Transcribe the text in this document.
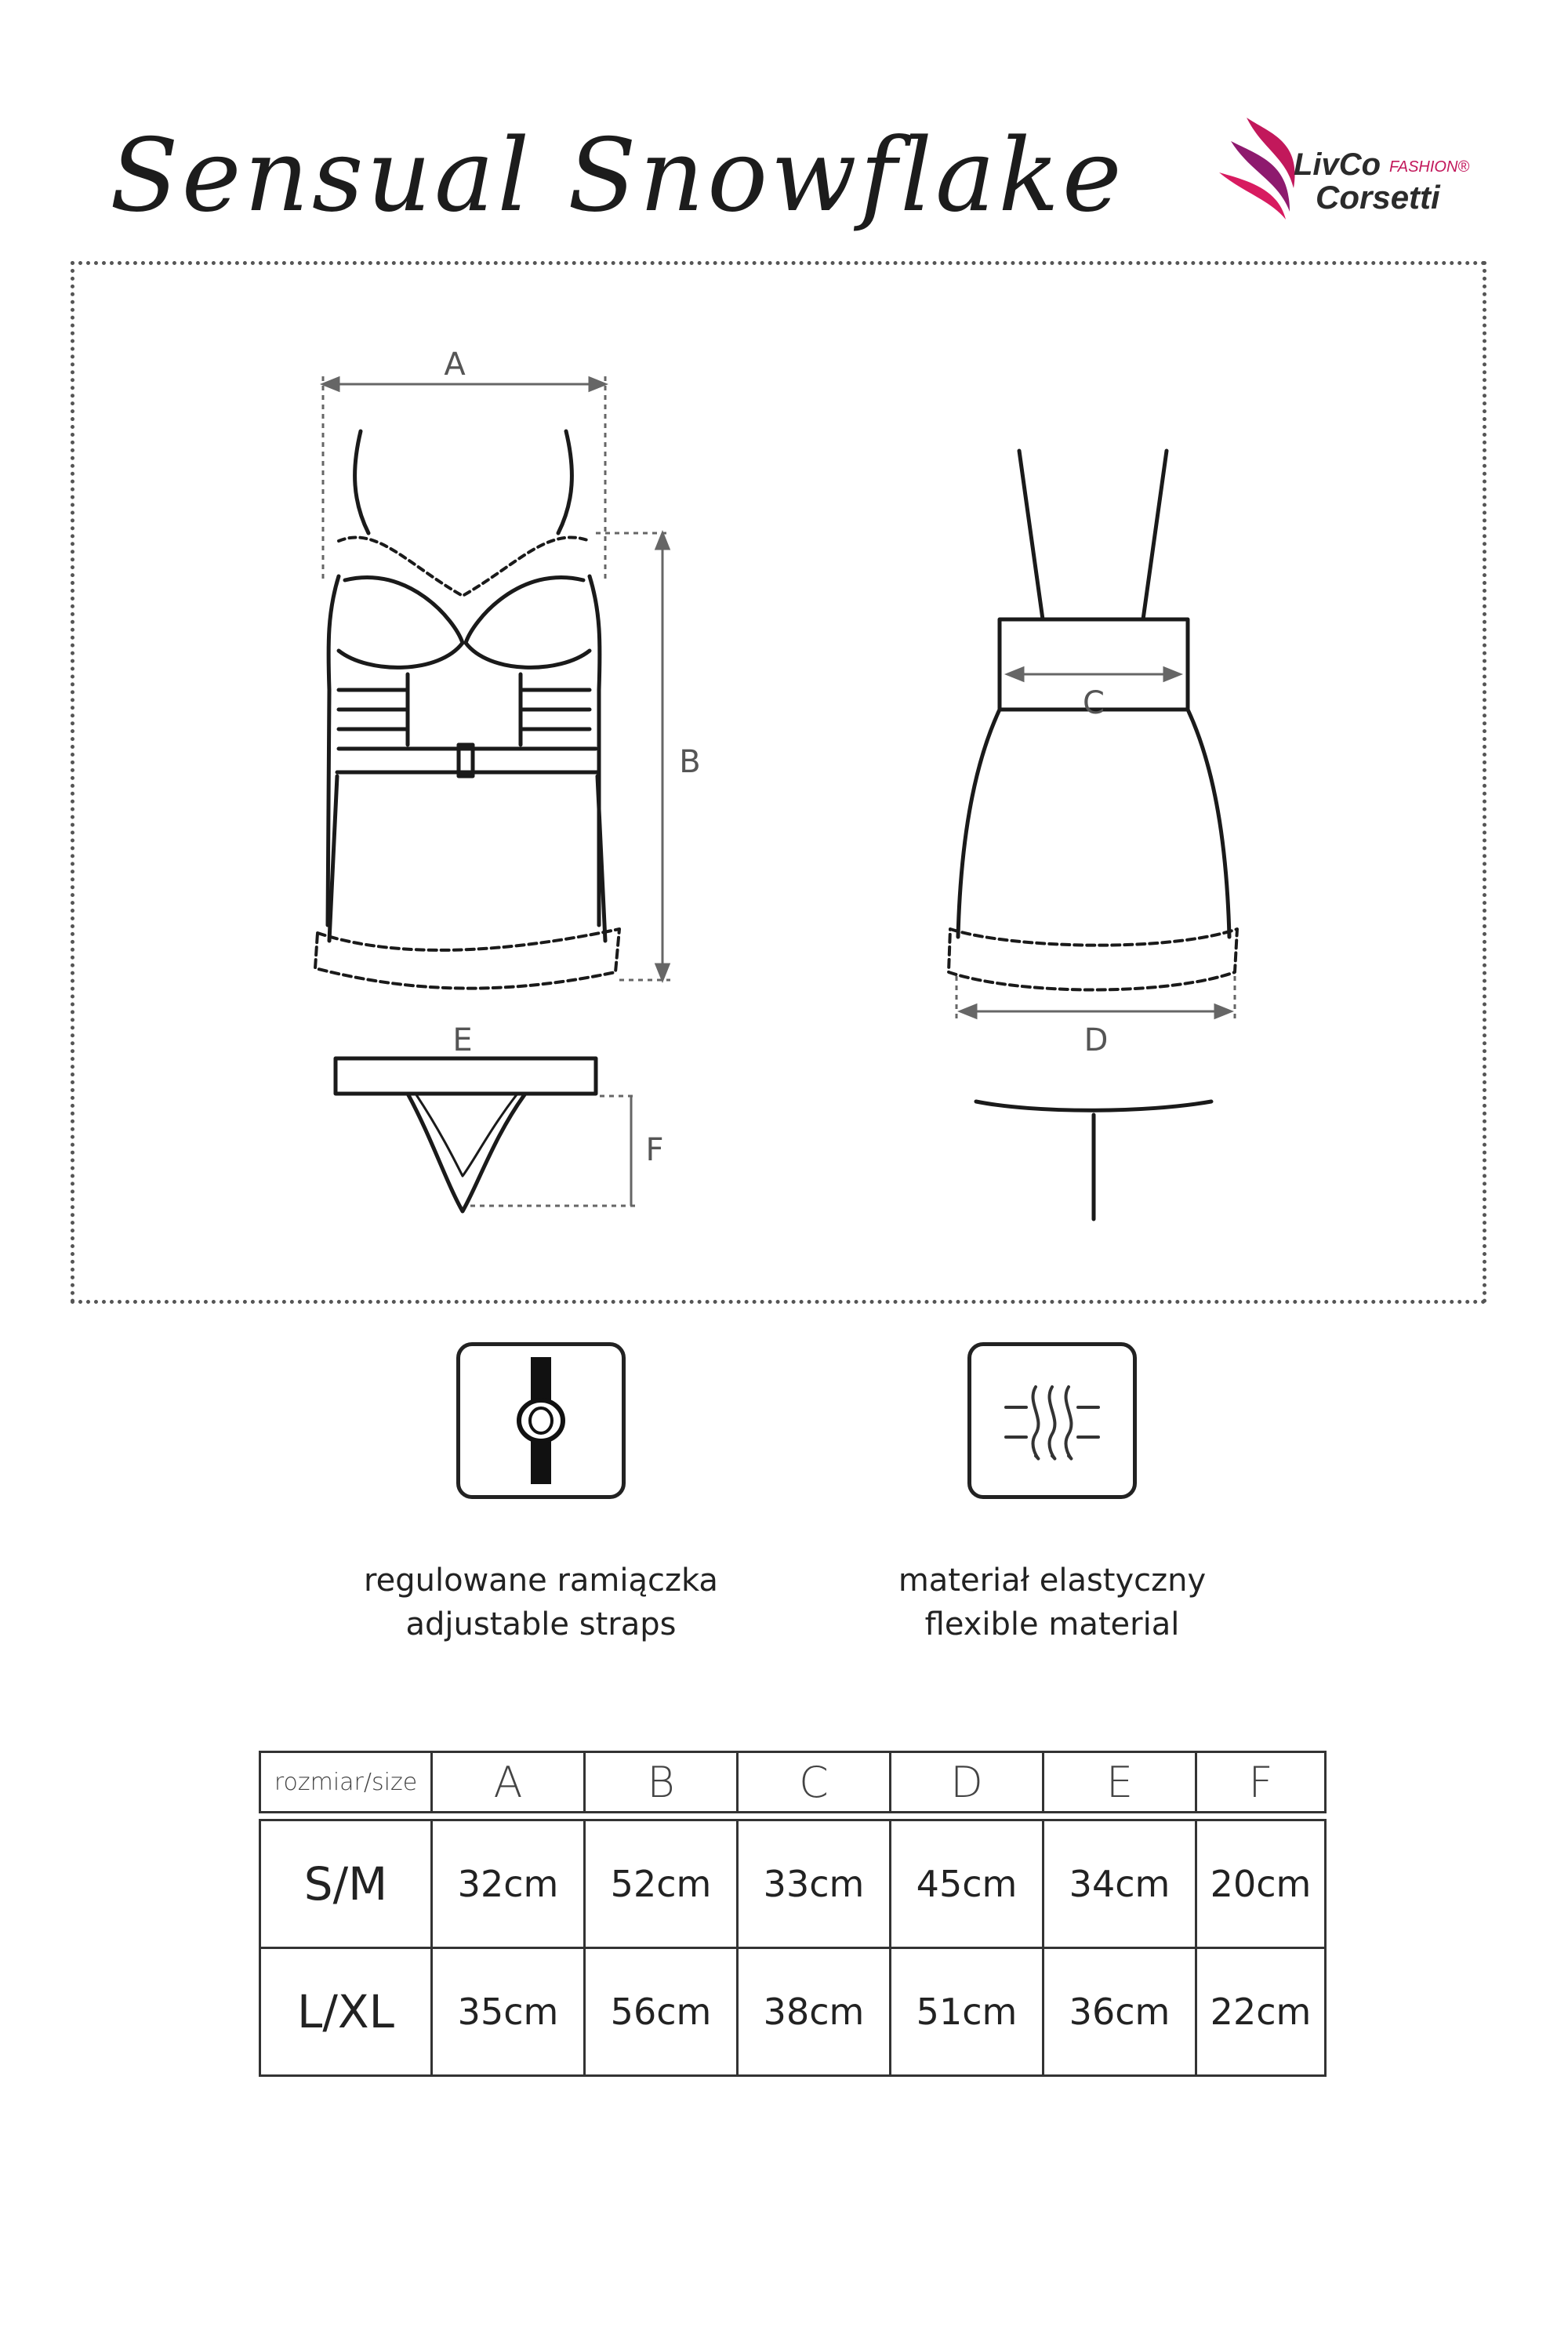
Sensual Snowflake	LivCo FASHION®
Corsetti
A
B
C
D
E
F
regulowane ramiączka
adjustable straps
materiał elastyczny
flexible material
rozmiar/size	A	B	C	D	E	F
S/M	32cm	52cm	33cm	45cm	34cm	20cm
L/XL	35cm	56cm	38cm	51cm	36cm	22cm
